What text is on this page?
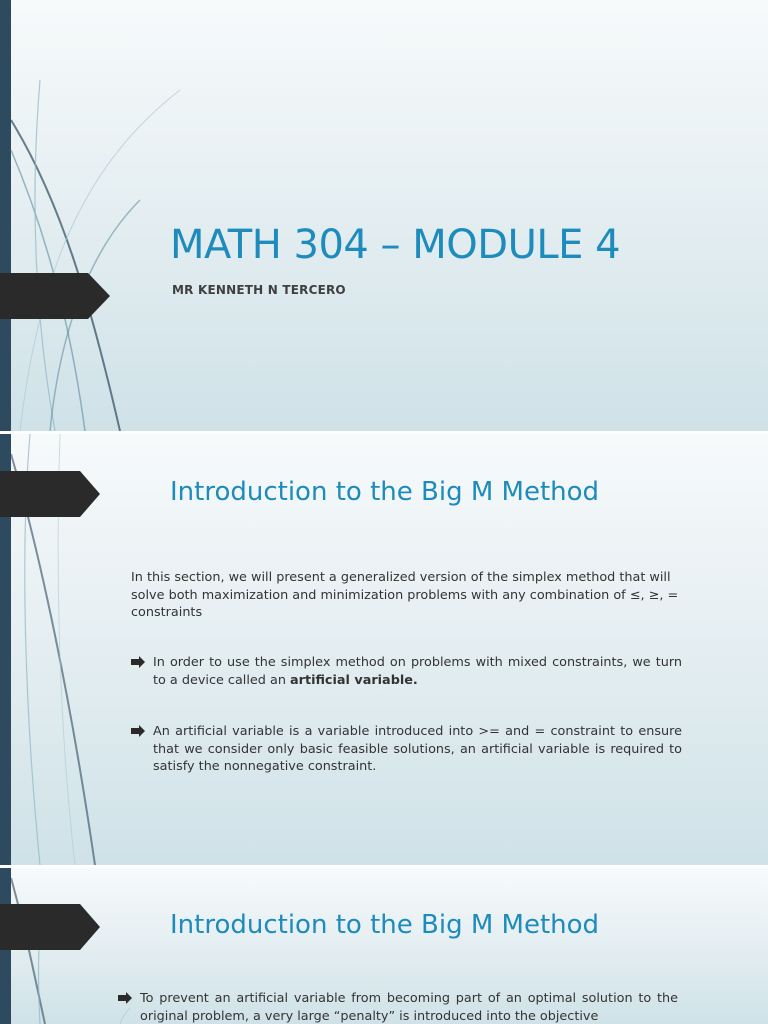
MATH 304 – MODULE 4

MR KENNETH N TERCERO

Introduction to the Big M Method

In this section, we will present a generalized version of the simplex method that will solve both maximization and minimization problems with any combination of ≤, ≥, = constraints

In order to use the simplex method on problems with mixed constraints, we turn to a device called an artificial variable.
An artificial variable is a variable introduced into >= and = constraint to ensure that we consider only basic feasible solutions, an artificial variable is required to satisfy the nonnegative constraint.
Introduction to the Big M Method
To prevent an artificial variable from becoming part of an optimal solution to the original problem, a very large “penalty” is introduced into the objective
